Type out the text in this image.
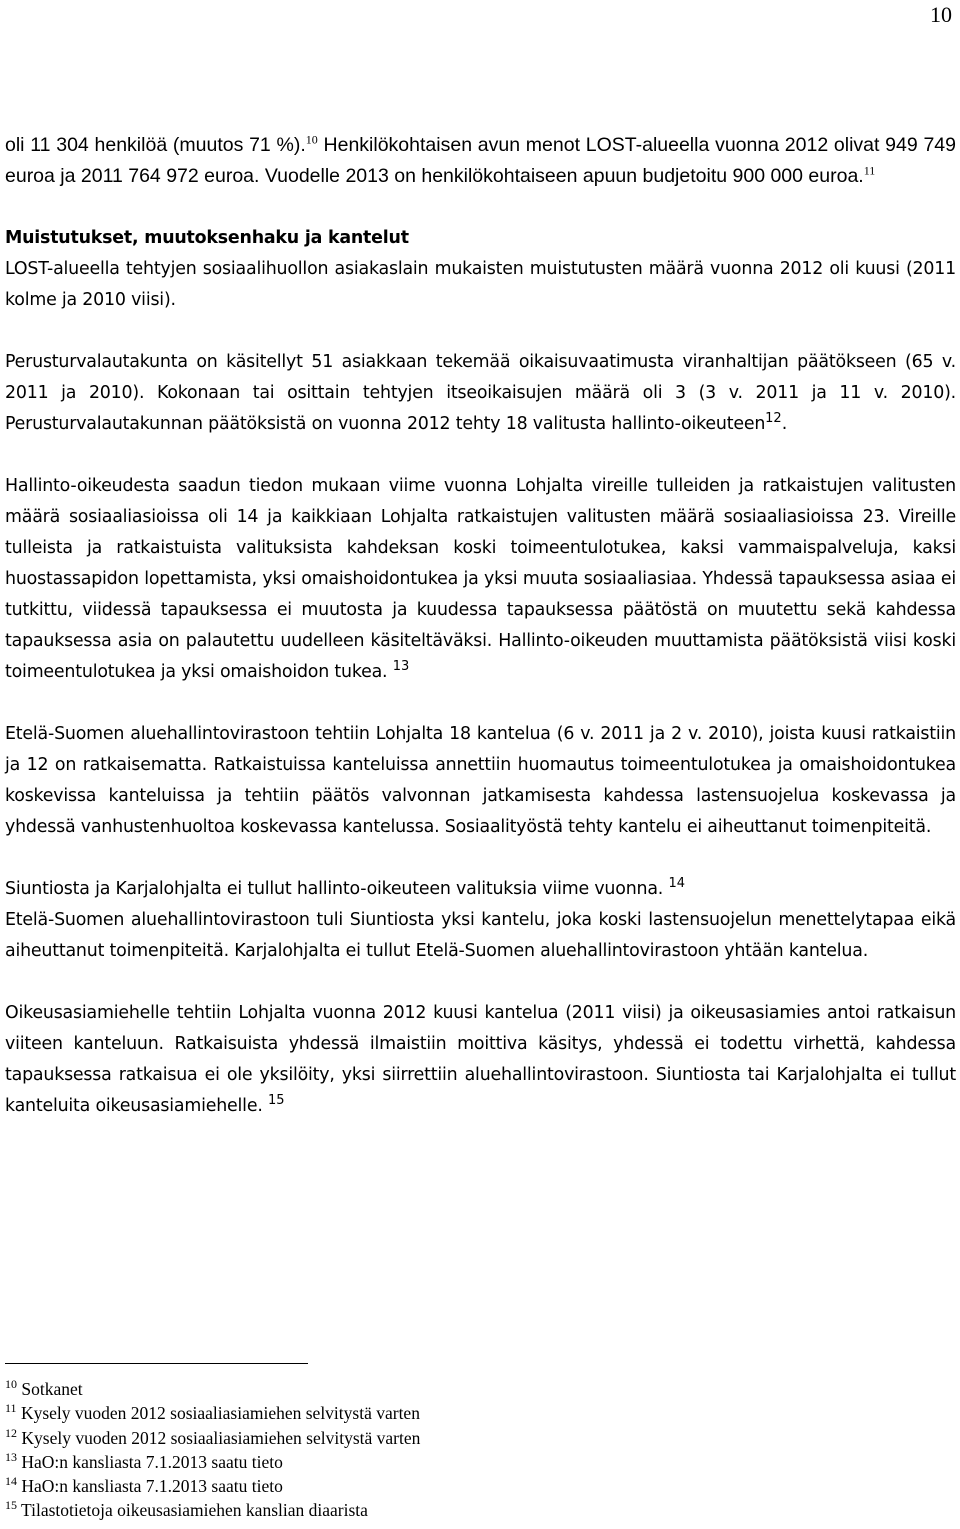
10

oli 11 304 henkilöä (muutos 71 %).$^{10}$ Henkilökohtaisen avun menot LOST-alueella vuonna 2012 olivat 949 749 euroa ja 2011 764 972 euroa. Vuodelle 2013 on henkilökohtaiseen apuun budjetoitu 900 000 euroa.$^{11}$

Muistutukset, muutoksenhaku ja kantelut

LOST-alueella tehtyjen sosiaalihuollon asiakaslain mukaisten muistutusten määrä vuonna 2012 oli kuusi (2011 kolme ja 2010 viisi).

Perusturvalautakunta on käsitellyt 51 asiakkaan tekemää oikaisuvaatimusta viranhaltijan päätökseen (65 v. 2011 ja 2010). Kokonaan tai osittain tehtyjen itseoikaisujen määrä oli 3 (3 v. 2011 ja 11 v. 2010). Perusturvalautakunnan päätöksistä on vuonna 2012 tehty 18 valitusta hallinto-oikeuteen$^{12}$.

Hallinto-oikeudesta saadun tiedon mukaan viime vuonna Lohjalta vireille tulleiden ja ratkaistujen valitusten määrä sosiaaliasioissa oli 14 ja kaikkiaan Lohjalta ratkaistujen valitusten määrä sosiaaliasioissa 23. Vireille tulleista ja ratkaistuista valituksista kahdeksan koski toimeentulotukea, kaksi vammaispalveluja, kaksi huostassapidon lopettamista, yksi omaishoidontukea ja yksi muuta sosiaaliasiaa. Yhdessä tapauksessa asiaa ei tutkittu, viidessä tapauksessa ei muutosta ja kuudessa tapauksessa päätöstä on muutettu sekä kahdessa tapauksessa asia on palautettu uudelleen käsiteltäväksi. Hallinto-oikeuden muuttamista päätöksistä viisi koski toimeentulotukea ja yksi omaishoidon tukea. $^{13}$

Etelä-Suomen aluehallintovirastoon tehtiin Lohjalta 18 kantelua (6 v. 2011 ja 2 v. 2010), joista kuusi ratkaistiin ja 12 on ratkaisematta. Ratkaistuissa kanteluissa annettiin huomautus toimeentulotukea ja omaishoidontukea koskevissa kanteluissa ja tehtiin päätös valvonnan jatkamisesta kahdessa lastensuojelua koskevassa ja yhdessä vanhustenhuoltoa koskevassa kantelussa. Sosiaalityöstä tehty kantelu ei aiheuttanut toimenpiteitä.

Siuntiosta ja Karjalohjalta ei tullut hallinto-oikeuteen valituksia viime vuonna. $^{14}$

Etelä-Suomen aluehallintovirastoon tuli Siuntiosta yksi kantelu, joka koski lastensuojelun menettelytapaa eikä aiheuttanut toimenpiteitä. Karjalohjalta ei tullut Etelä-Suomen aluehallintovirastoon yhtään kantelua.

Oikeusasiamiehelle tehtiin Lohjalta vuonna 2012 kuusi kantelua (2011 viisi) ja oikeusasiamies antoi ratkaisun viiteen kanteluun. Ratkaisuista yhdessä ilmaistiin moittiva käsitys, yhdessä ei todettu virhettä, kahdessa tapauksessa ratkaisua ei ole yksilöity, yksi siirrettiin aluehallintovirastoon. Siuntiosta tai Karjalohjalta ei tullut kanteluita oikeusasiamiehelle. $^{15}$

$^{10}$ Sotkanet
$^{11}$ Kysely vuoden 2012 sosiaaliasiamiehen selvitystä varten
$^{12}$ Kysely vuoden 2012 sosiaaliasiamiehen selvitystä varten
$^{13}$ HaO:n kansliasta 7.1.2013 saatu tieto
$^{14}$ HaO:n kansliasta 7.1.2013 saatu tieto
$^{15}$ Tilastotietoja oikeusasiamiehen kanslian diaarista
